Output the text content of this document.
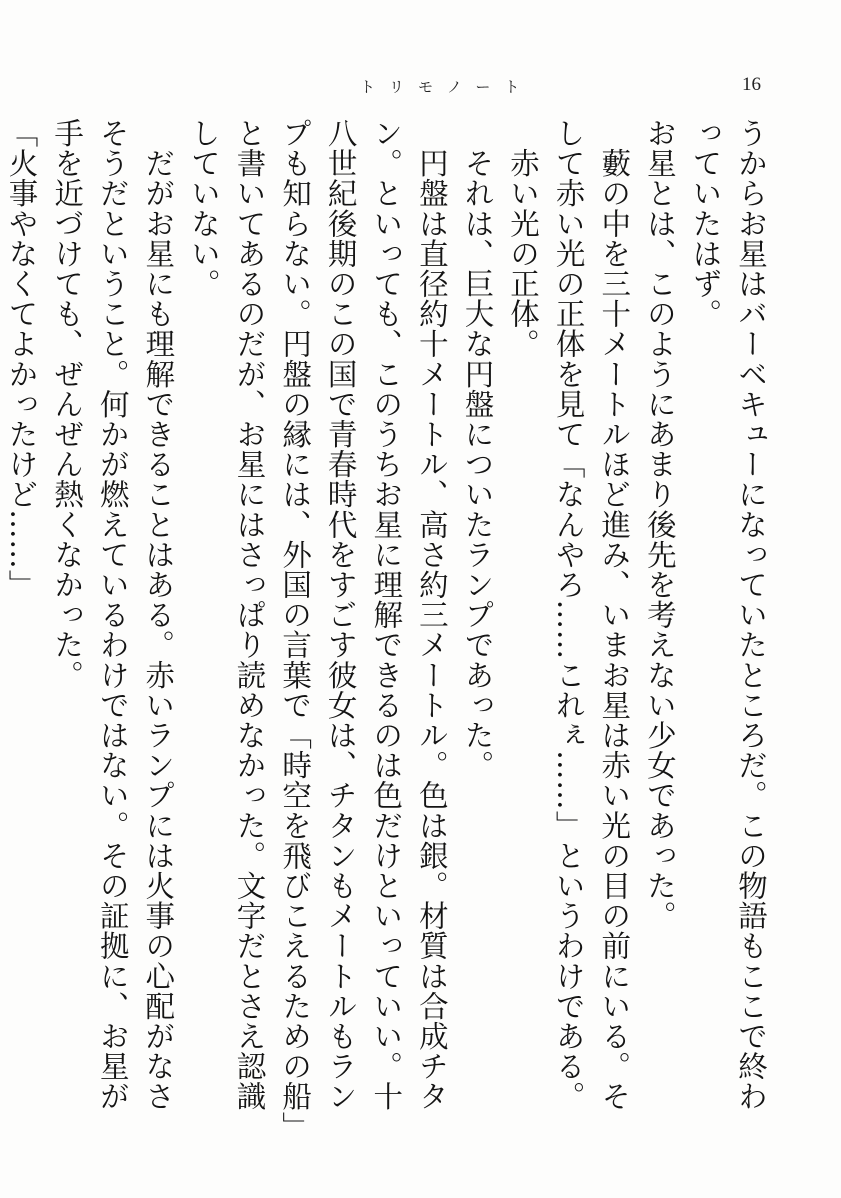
トリモノート	16

うからお星はバーベキューになっていたところだ。この物語もここで終わっていたはず。

お星とは、このようにあまり後先を考えない少女であった。

　藪の中を三十メートルほど進み、いまお星は赤い光の目の前にいる。そして赤い光の正体を見て「なんやろ……これぇ……」というわけである。

　赤い光の正体。

　それは、巨大な円盤についたランプであった。

　円盤は直径約十メートル、高さ約三メートル。色は銀。材質は合成チタン。といっても、このうちお星に理解できるのは色だけといっていい。十八世紀後期のこの国で青春時代をすごす彼女は、チタンもメートルもランプも知らない。円盤の縁には、外国の言葉で「時空を飛びこえるための船」と書いてあるのだが、お星にはさっぱり読めなかった。文字だとさえ認識していない。

　だがお星にも理解できることはある。赤いランプには火事の心配がなさそうだということ。何かが燃えているわけではない。その証拠に、お星が手を近づけても、ぜんぜん熱くなかった。

「火事やなくてよかったけど……」
